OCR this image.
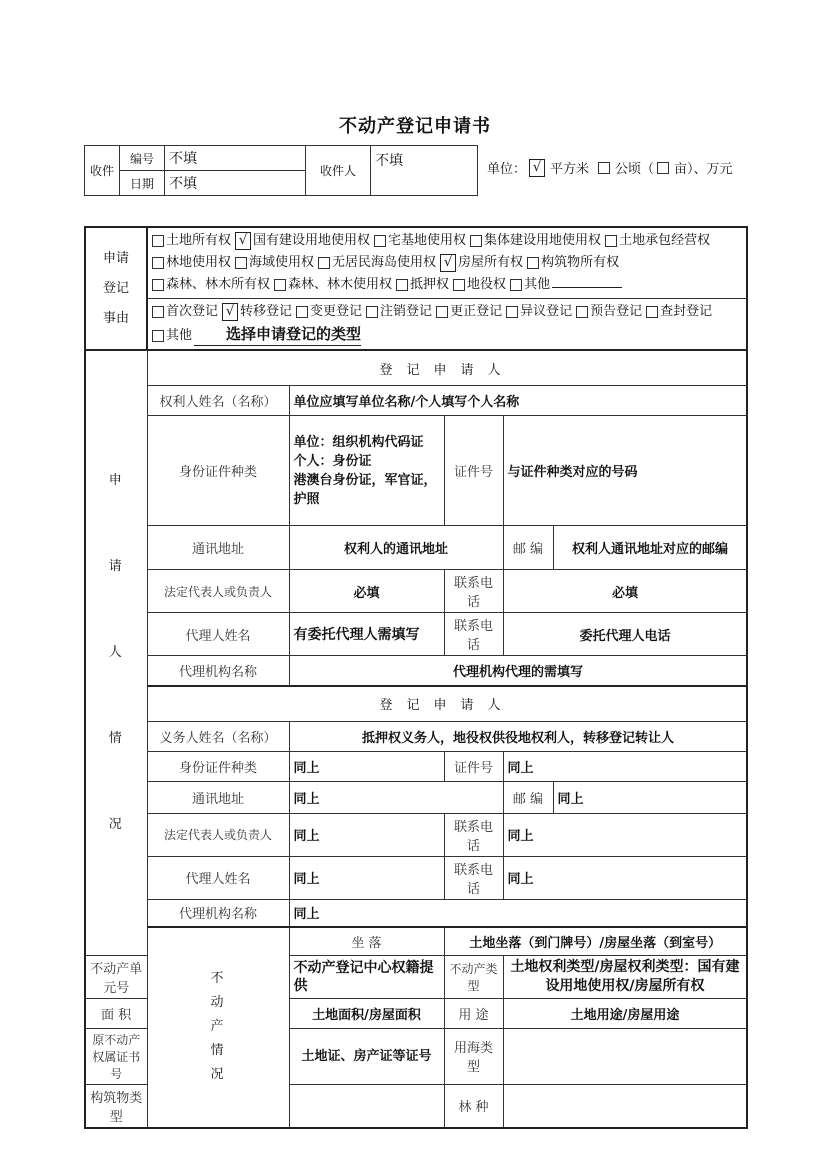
不动产登记申请书
收件	编号	不填	收件人	不填
	日期	不填		
单位： √ 平方米 公顷（ 亩）、万元
申请
登记
事由	土地所有权 √ 国有建设用地使用权 宅基地使用权 集体建设用地使用权 土地承包经营权林地使用权 海域使用权 无居民海岛使用权 √ 房屋所有权 构筑物所有权森林、林木所有权 森林、林木使用权 抵押权 地役权 其他				
	首次登记 √ 转移登记 变更登记 注销登记 更正登记 异议登记 预告登记 查封登记其他 选择申请登记的类型				

申
请
人
情
况	登记申请人				
	权利人姓名（名称）	单位应填写单位名称/个人填写个人名称			
	身份证件种类	单位：组织机构代码证
个人：身份证
港澳台身份证，军官证，护照	证件号	与证件种类对应的号码	
	通讯地址	权利人的通讯地址		邮 编	权利人通讯地址对应的邮编
	法定代表人或负责人	必填	联系电话	必填	
	代理人姓名	有委托代理人需填写	联系电话	委托代理人电话	
	代理机构名称	代理机构代理的需填写			
	登记申请人				
	义务人姓名（名称）	抵押权义务人，地役权供役地权利人，转移登记转让人			
	身份证件种类	同上	证件号	同上	
	通讯地址	同上		邮 编	同上
	法定代表人或负责人	同上	联系电话	同上	
	代理人姓名	同上	联系电话	同上	
	代理机构名称	同上			

	不
动
产
情
况	坐 落	土地坐落（到门牌号）/房屋坐落（到室号）		
不动产单元号		不动产登记中心权籍提供	不动产类型	土地权利类型/房屋权利类型：国有建设用地使用权/房屋所有权	
面 积		土地面积/房屋面积	用 途	土地用途/房屋用途	
原不动产权属证书号		土地证、房产证等证号	用海类型		
构筑物类型			林 种		
